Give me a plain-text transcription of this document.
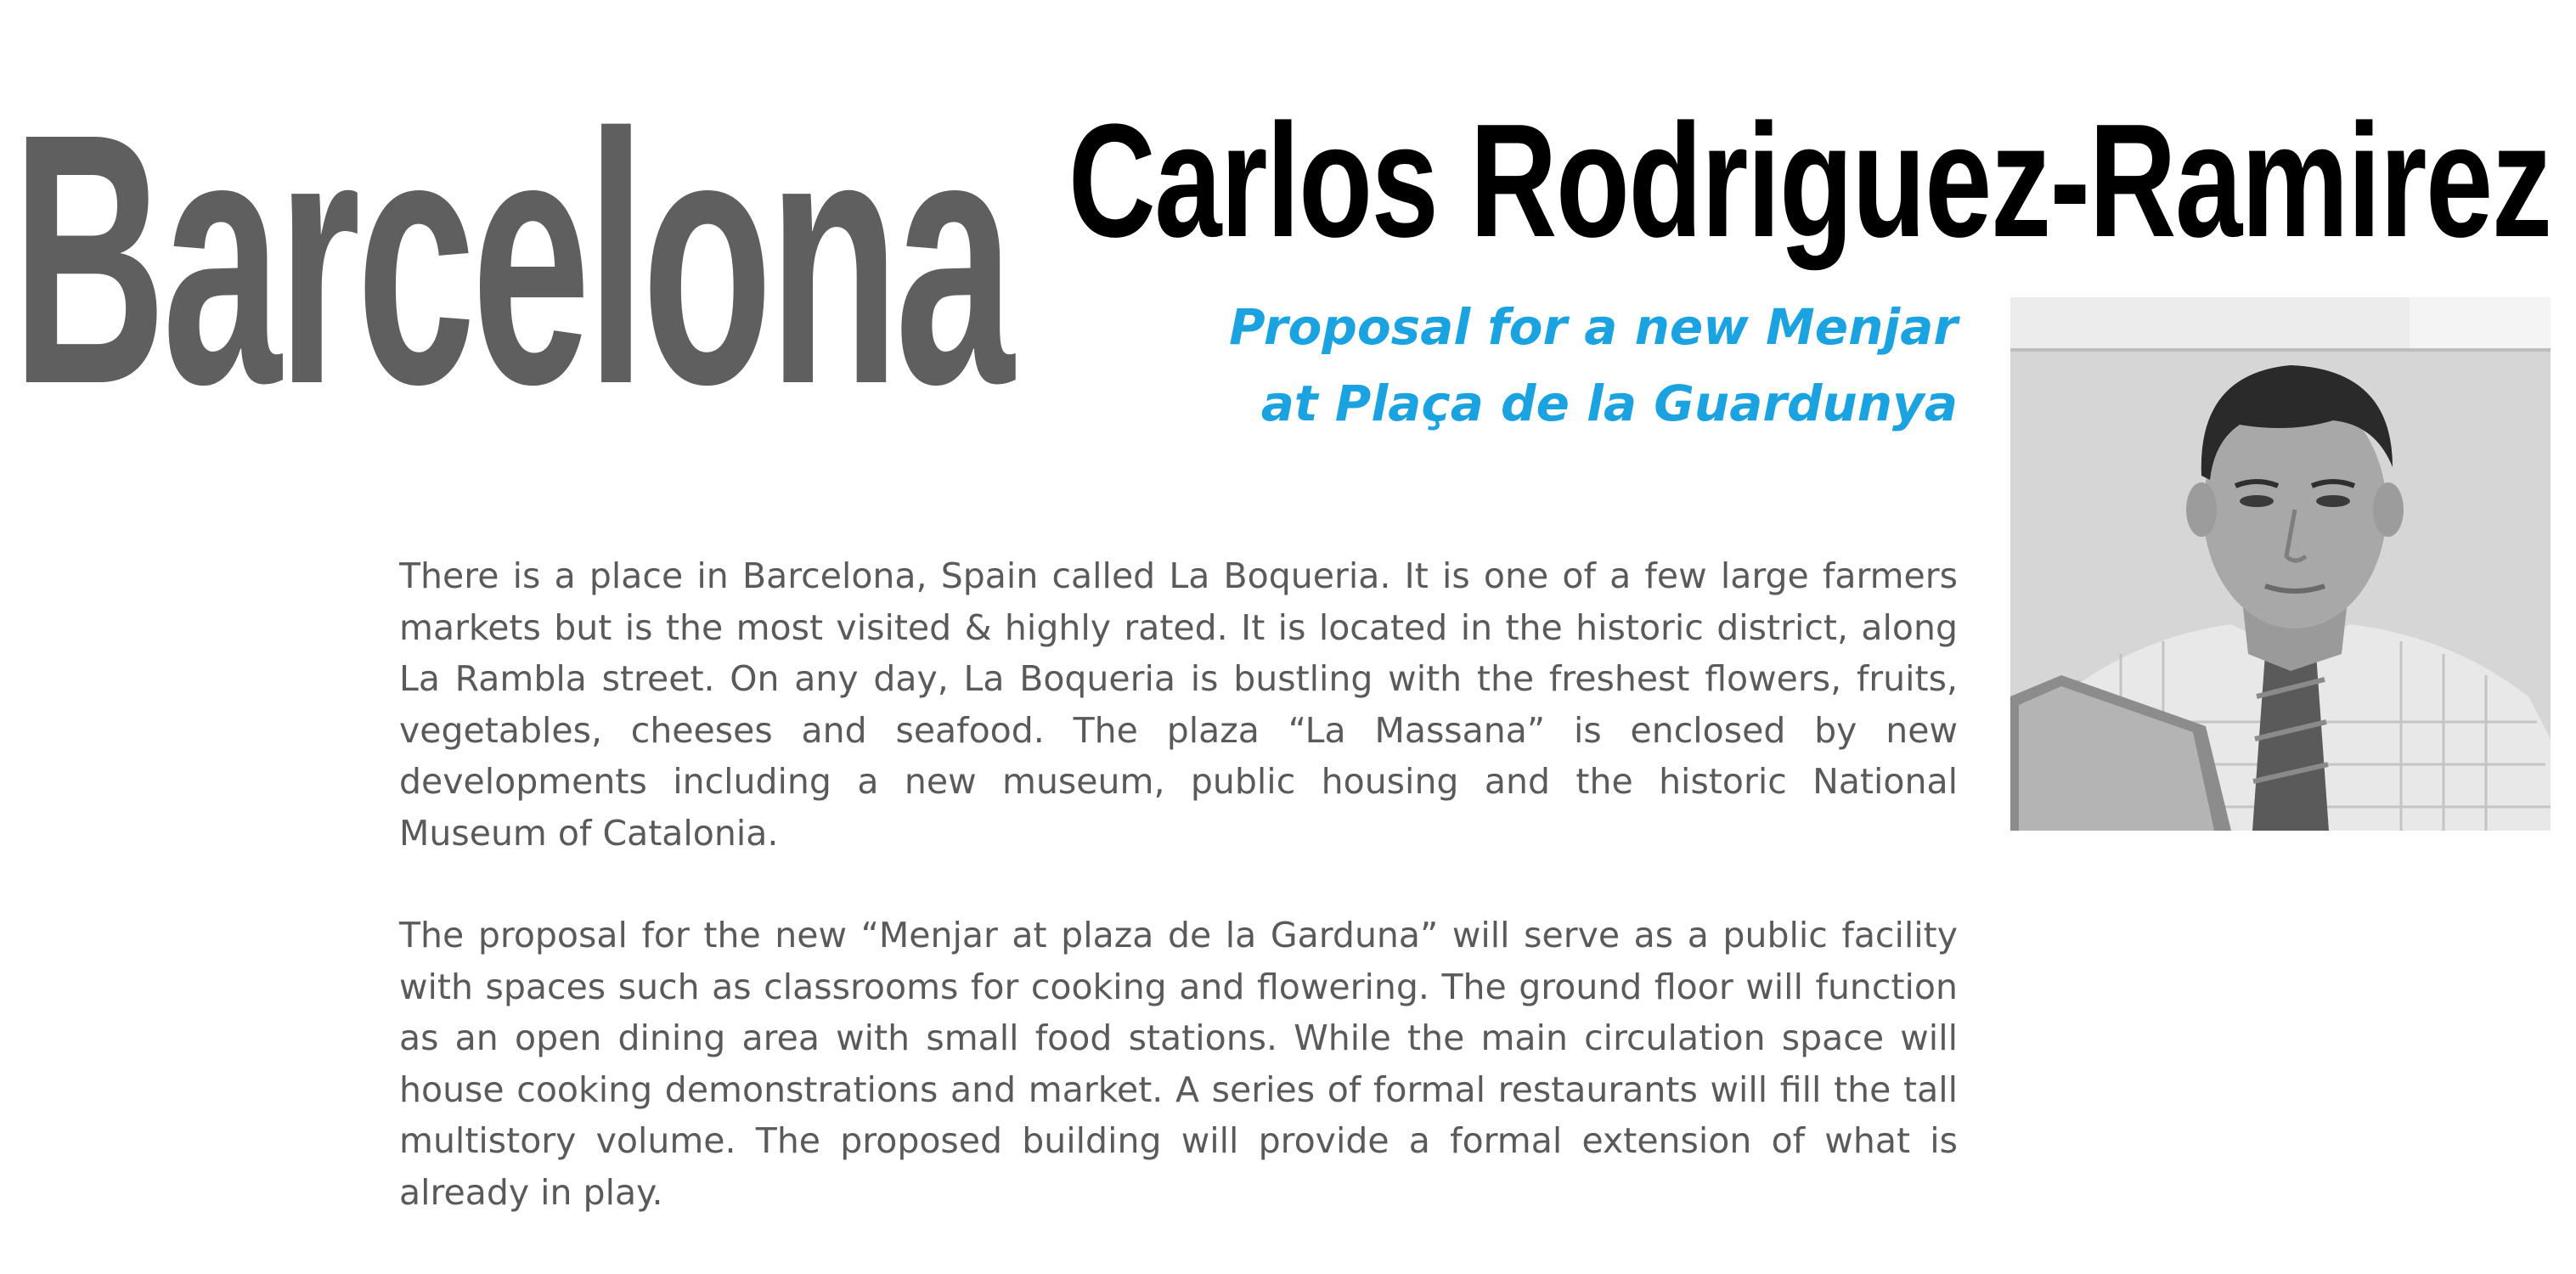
Barcelona Carlos Rodriguez-Ramirez
Proposal for a new Menjar
at Plaça de la Guardunya

There is a place in Barcelona, Spain called La Boqueria. It is one of a few large farmers markets but is the most visited & highly rated. It is located in the historic district, along La Rambla street. On any day, La Boqueria is bustling with the freshest flowers, fruits, vegetables, cheeses and seafood. The plaza “La Massana” is enclosed by new developments including a new museum, public housing and the historic National Museum of Catalonia.

The proposal for the new “Menjar at plaza de la Garduna” will serve as a public facility with spaces such as classrooms for cooking and flowering. The ground floor will function as an open dining area with small food stations. While the main circulation space will house cooking demonstrations and market. A series of formal restaurants will fill the tall multistory volume. The proposed building will provide a formal extension of what is already in play.
